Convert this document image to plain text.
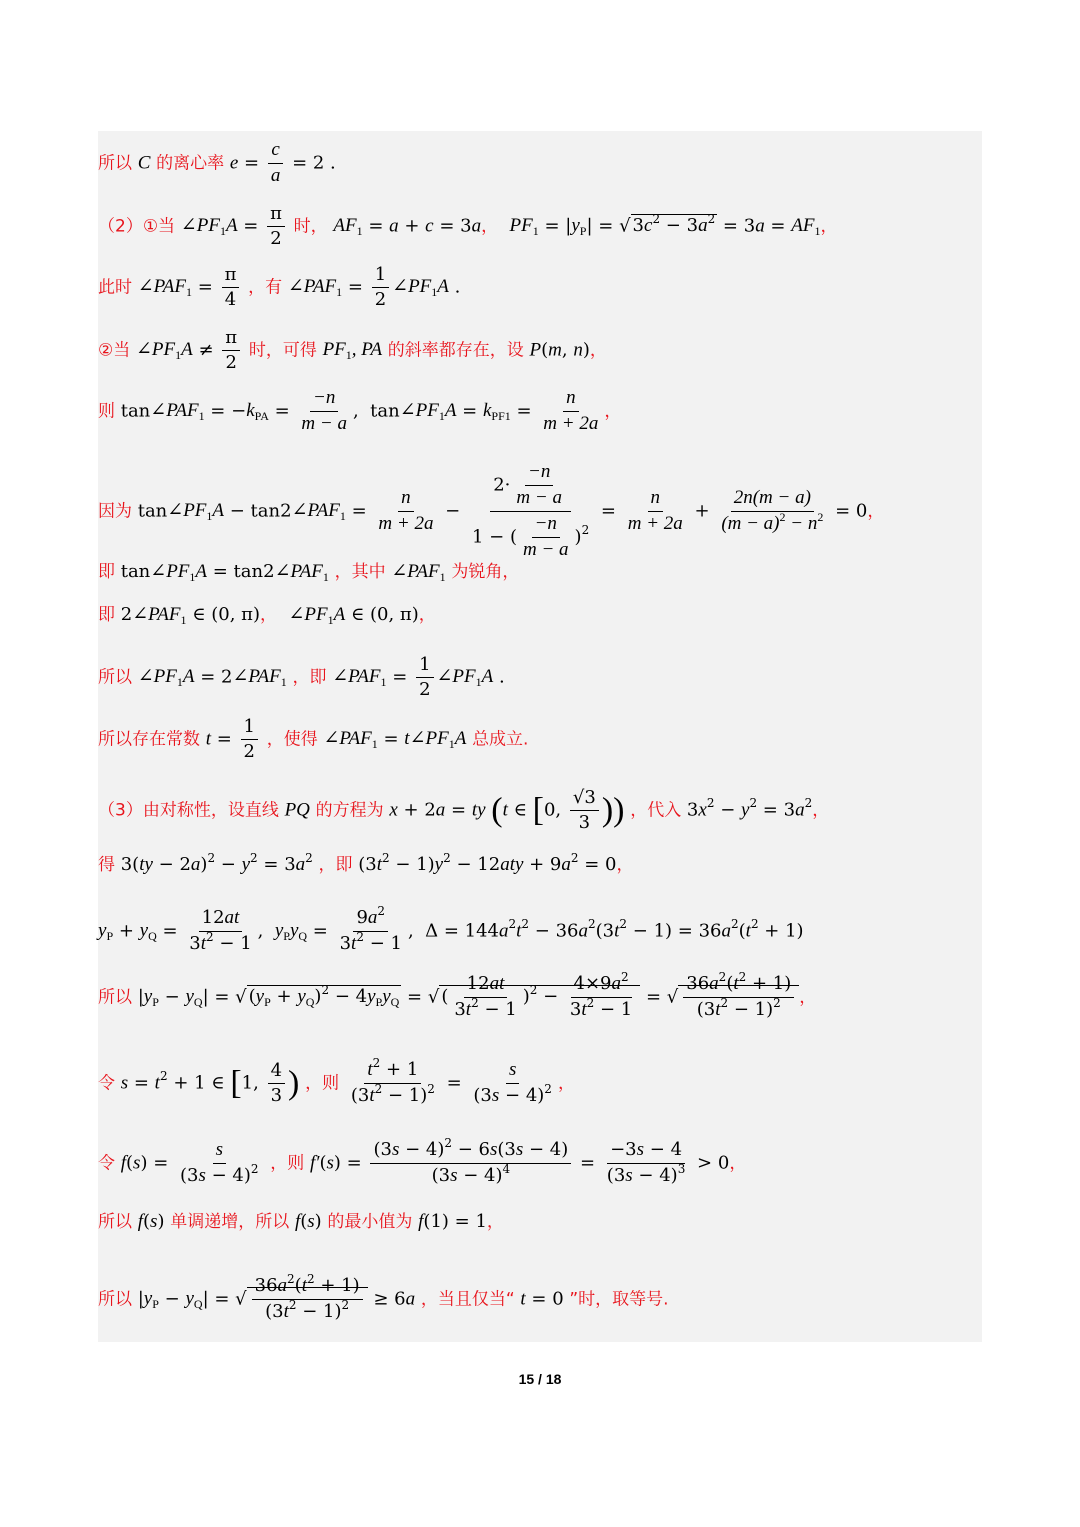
所以 C 的离心率 $e = \frac{c}{a} = 2$ .
（2）①当 $\angle PF_1A = \frac{\pi}{2}$ 时， $AF_1 = a + c = 3a$， $PF_1 = |y_P|$ = √ $3c^2 - 3a^2 = 3a = AF_1$，
此时 $\angle PAF_1 = \frac{\pi}{4}$ ，有 $\angle PAF_1 = \frac{1}{2}$ $\angle PF_1A$ .
②当 $\angle PF_1A \ne \frac{\pi}{2}$ 时，可得 $PF_1$, PA 的斜率都存在，设 P(m, n)，
则 $\tan\angle PAF_1 = -k_{PA} = \frac{-n}{m - a}$ ,  $\tan\angle PF_1A = k_{PF1} = \frac{n}{m + 2a}$ ，
因为 $\tan\angle PF_1A$ − $\tan 2\angle PAF_1 = \frac{n}{m + 2a} - \frac{2\cdot \frac{-n}{m - a}}{1 - ( \frac{-n}{m - a} )^2} = \frac{n}{m + 2a} + \frac{2n(m - a)}{(m - a)^2 - n^2} = 0$，
即 $\tan\angle PF_1A$ = $\tan 2\angle PAF_1$ ，其中 $\angle PAF_1$ 为锐角，
即 $2\angle PAF_1$ ∈ (0, π)， $\angle PF_1A$ ∈ (0, π)，
所以 $\angle PF_1A$ = $2\angle PAF_1$ ，即 $\angle PAF_1 = \frac{1}{2}$ $\angle PF_1A$ .
所以存在常数 $t = \frac{1}{2}$ ，使得 $\angle PAF_1$ = $t\angle PF_1A$ 总成立.
（3）由对称性，设直线 PQ 的方程为 x + 2a = ty (t ∈ [0, $\frac{√3}{3}$ )) ，代入 $3x^2 - y^2 = 3a^2$，
得 $3(ty - 2a)^2 - y^2 = 3a^2$ ，即 $(3t^2 - 1)y^2 - 12aty + 9a^2 = 0$，
$y_P + y_Q = \frac{12at}{3t^2 - 1}$ ,  $y_Py_Q = \frac{9a^2}{3t^2 - 1}$ ,  $\Delta = 144a^2t^2 - 36a^2(3t^2 - 1) = 36a^2(t^2 + 1)$
所以 $|y_P - y_Q|$ = √ $(y_P + y_Q)^2 - 4y_Py_Q$ = √ ( $\frac{12at}{3t^2 - 1} )^2 - \frac{4\times 9a^2}{3t^2 - 1}$ = √ $\frac{36a^2(t^2 + 1)}{(3t^2 - 1)^2}$ ，
令 $s = t^2 + 1$ ∈ [1, $\frac{4}{3}$ ) ，则 $\frac{t^2 + 1}{(3t^2 - 1)^2} = \frac{s}{(3s - 4)^2}$ ，
令 $f(s) = \frac{s}{(3s - 4)^2}$ ，则 $f'(s) = \frac{(3s - 4)^2 - 6s(3s - 4)}{(3s - 4)^4} = \frac{-3s - 4}{(3s - 4)^3} > 0$，
所以 f(s) 单调递增，所以 f(s) 的最小值为 f(1) = 1，
所以 $|y_P - y_Q|$ = √ $\frac{36a^2(t^2 + 1)}{(3t^2 - 1)^2} \ge 6a$ ，当且仅当“ t = 0 ”时，取等号.
15 / 18
